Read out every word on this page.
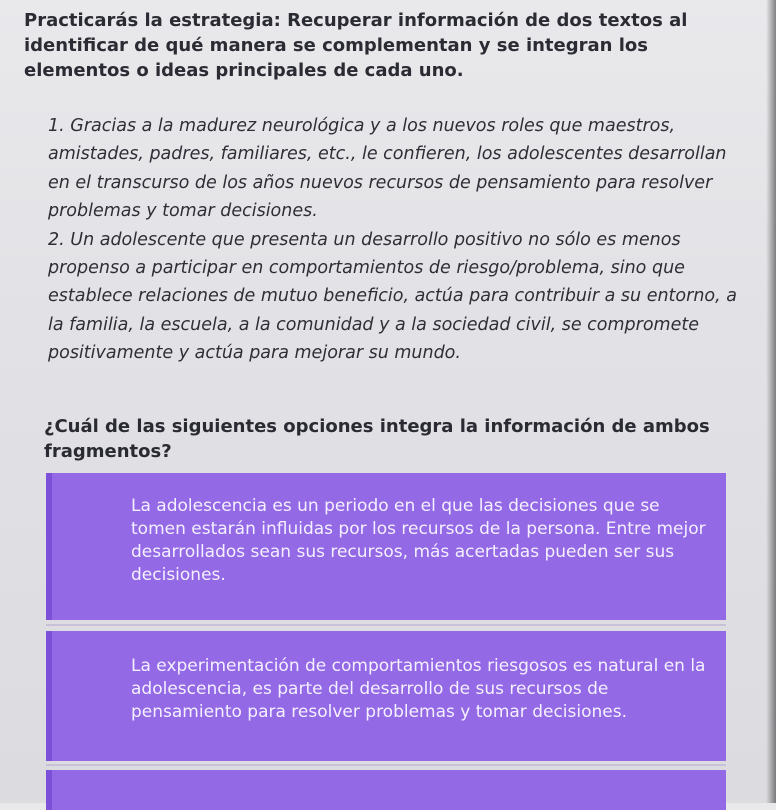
Practicarás la estrategia: Recuperar información de dos textos al identificar de qué manera se complementan y se integran los elementos o ideas principales de cada uno.

1. Gracias a la madurez neurológica y a los nuevos roles que maestros, amistades, padres, familiares, etc., le confieren, los adolescentes desarrollan en el transcurso de los años nuevos recursos de pensamiento para resolver problemas y tomar decisiones.

2. Un adolescente que presenta un desarrollo positivo no sólo es menos propenso a participar en comportamientos de riesgo/problema, sino que establece relaciones de mutuo beneficio, actúa para contribuir a su entorno, a la familia, la escuela, a la comunidad y a la sociedad civil, se compromete positivamente y actúa para mejorar su mundo.

¿Cuál de las siguientes opciones integra la información de ambos fragmentos?

La adolescencia es un periodo en el que las decisiones que se tomen estarán influidas por los recursos de la persona. Entre mejor desarrollados sean sus recursos, más acertadas pueden ser sus decisiones.
La experimentación de comportamientos riesgosos es natural en la adolescencia, es parte del desarrollo de sus recursos de pensamiento para resolver problemas y tomar decisiones.
